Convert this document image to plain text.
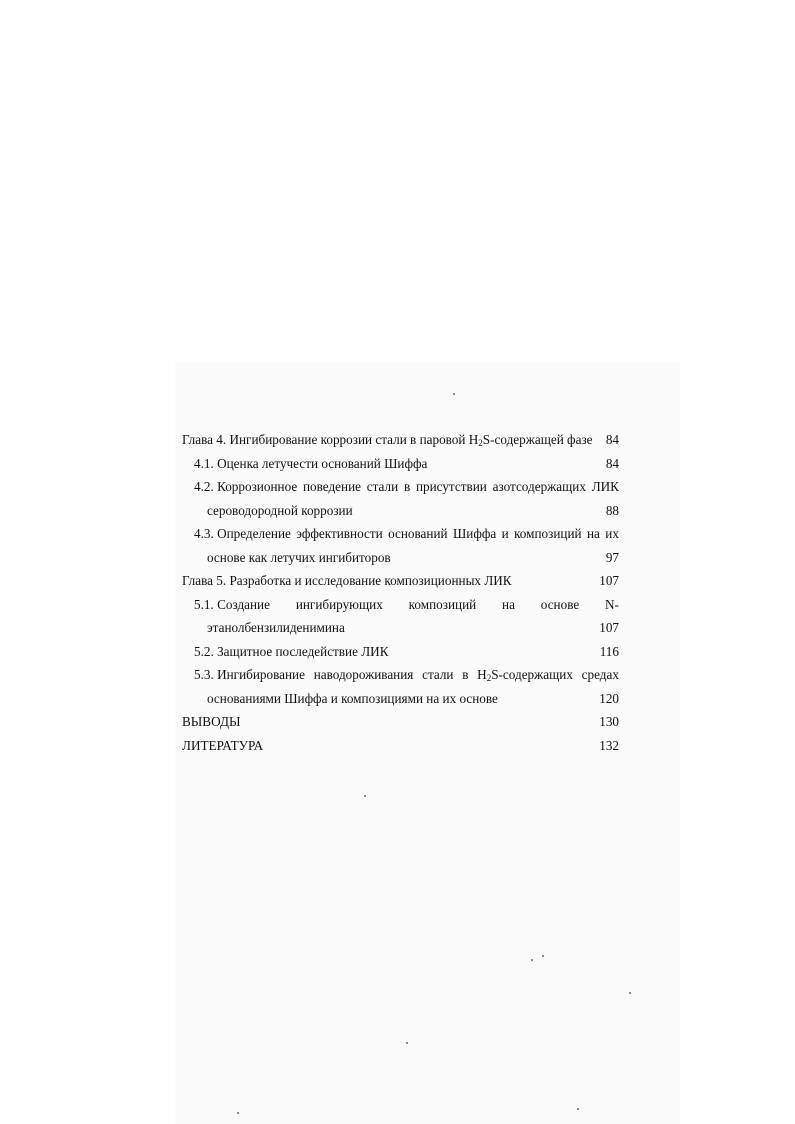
Глава 4. Ингибирование коррозии стали в паровой $H_2S$-содержащей фазе ..... 84
4.1. Оценка летучести оснований Шиффа .....	84
4.2. Коррозионное поведение стали в присутствии азотсодержащих ЛИК
сероводородной коррозии .....	88
4.3. Определение эффективности оснований Шиффа и композиций на их
основе как летучих ингибиторов .....	97
Глава 5. Разработка и исследование композиционных ЛИК .....	107
5.1. Создание ингибирующих композиций на основе N-
этанолбензилиденимина .....	107
5.2. Защитное последействие ЛИК .....	116
5.3. Ингибирование наводороживания стали в $H_2S$-содержащих средах
основаниями Шиффа и композициями на их основе .....	120
ВЫВОДЫ .....	130
ЛИТЕРАТУРА .....	132
